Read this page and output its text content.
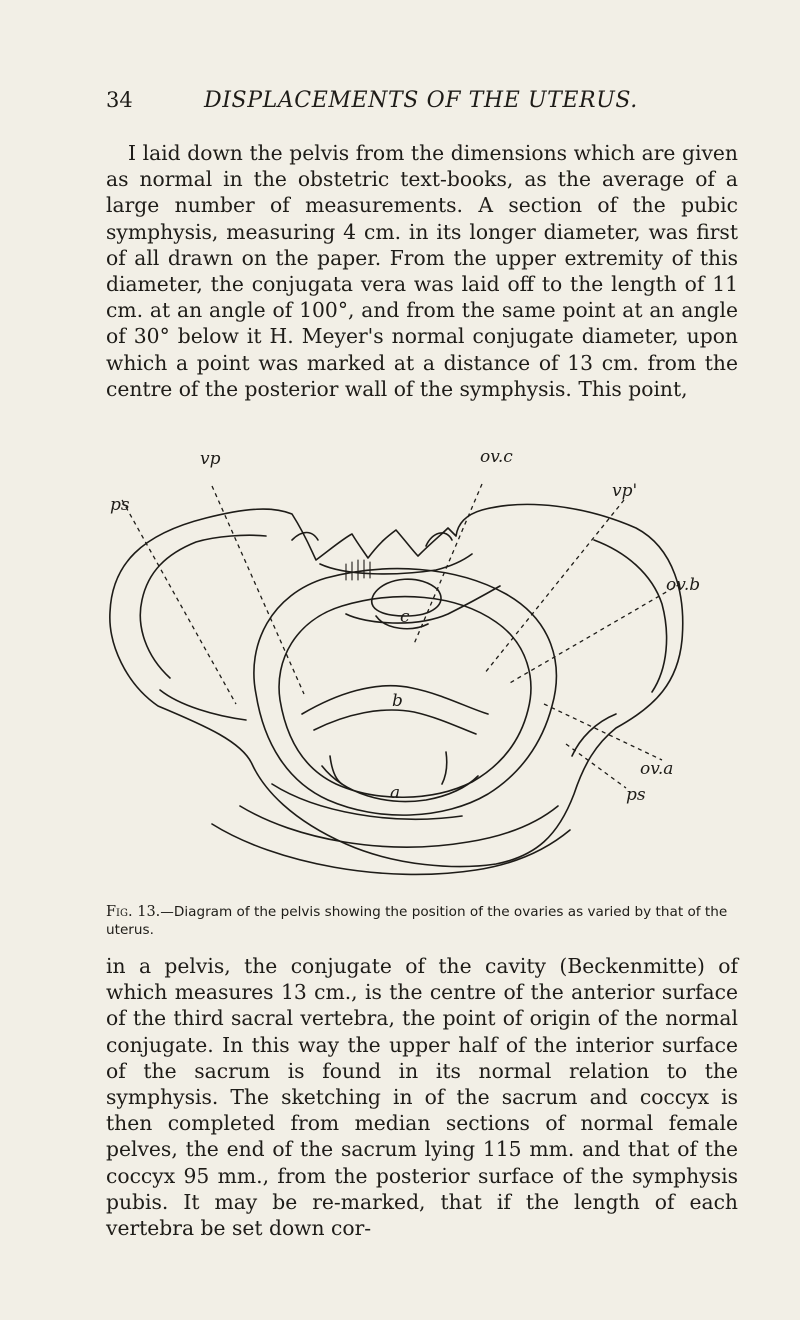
34	DISPLACEMENTS OF THE UTERUS.

I laid down the pelvis from the dimensions which are given as normal in the obstetric text-books, as the average of a large number of measurements. A section of the pubic symphysis, measuring 4 cm. in its longer diameter, was first of all drawn on the paper. From the upper extremity of this diameter, the conjugata vera was laid off to the length of 11 cm. at an angle of 100°, and from the same point at an angle of 30° below it H. Meyer's normal conjugate diameter, upon which a point was marked at a distance of 13 cm. from the centre of the posterior wall of the symphysis. This point,

vp
ps
ov.c
vp'
ov.b
c
b
a
ov.a
ps

Fig. 13.—Diagram of the pelvis showing the position of the ovaries as varied by that of the uterus.

in a pelvis, the conjugate of the cavity (Beckenmitte) of which measures 13 cm., is the centre of the anterior surface of the third sacral vertebra, the point of origin of the normal conjugate. In this way the upper half of the interior surface of the sacrum is found in its normal relation to the symphysis. The sketching in of the sacrum and coccyx is then completed from median sections of normal female pelves, the end of the sacrum lying 115 mm. and that of the coccyx 95 mm., from the posterior surface of the symphysis pubis. It may be re-marked, that if the length of each vertebra be set down cor-
